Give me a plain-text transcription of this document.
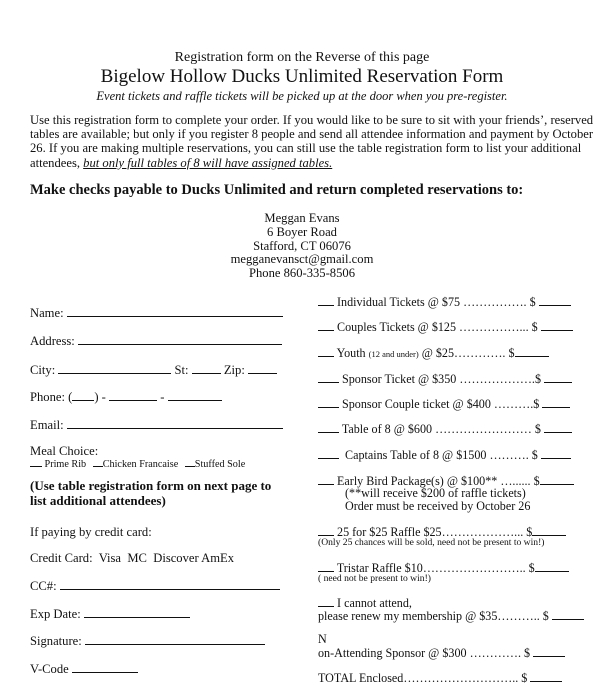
Registration form on the Reverse of this page
Bigelow Hollow Ducks Unlimited Reservation Form
Event tickets and raffle tickets will be picked up at the door when you pre-register.
Use this registration form to complete your order. If you would like to be sure to sit with your friends’, reserved tables are available; but only if you register 8 people and send all attendee information and payment by October 26. If you are making multiple reservations, you can still use the table registration form to list your additional attendees, but only full tables of 8 will have assigned tables.
Make checks payable to Ducks Unlimited and return completed reservations to:
Meggan Evans
6 Boyer Road
Stafford, CT 06076
megganevansct@gmail.com
Phone 860-335-8506
Name:
Address:
City:	St:	Zip:
Phone: ( ) -	-
Email:
Meal Choice:
Prime Rib Chicken Francaise Stuffed Sole
(Use table registration form on next page to list additional attendees)
If paying by credit card:
Credit Card: Visa MC Discover AmEx
CC#:
Exp Date:
Signature:
V-Code
Individual Tickets @ $75 ……………. $
Couples Tickets @ $125 ……………... $
Youth (12 and under) @ $25…………. $
Sponsor Ticket @ $350 ……………….$
Sponsor Couple ticket @ $400 ……….$
Table of 8 @ $600 …………………… $
Captains Table of 8 @ $1500 ………. $
Early Bird Package(s) @ $100** …...... $
(**will receive $200 of raffle tickets)
Order must be received by October 26
25 for $25 Raffle $25………………... $
(Only 25 chances will be sold, need not be present to win!)
Tristar Raffle $10…………………….. $
( need not be present to win!)
I cannot attend,
please renew my membership @ $35……….. $
N
on-Attending Sponsor @ $300 …………. $
TOTAL Enclosed……………………….. $
